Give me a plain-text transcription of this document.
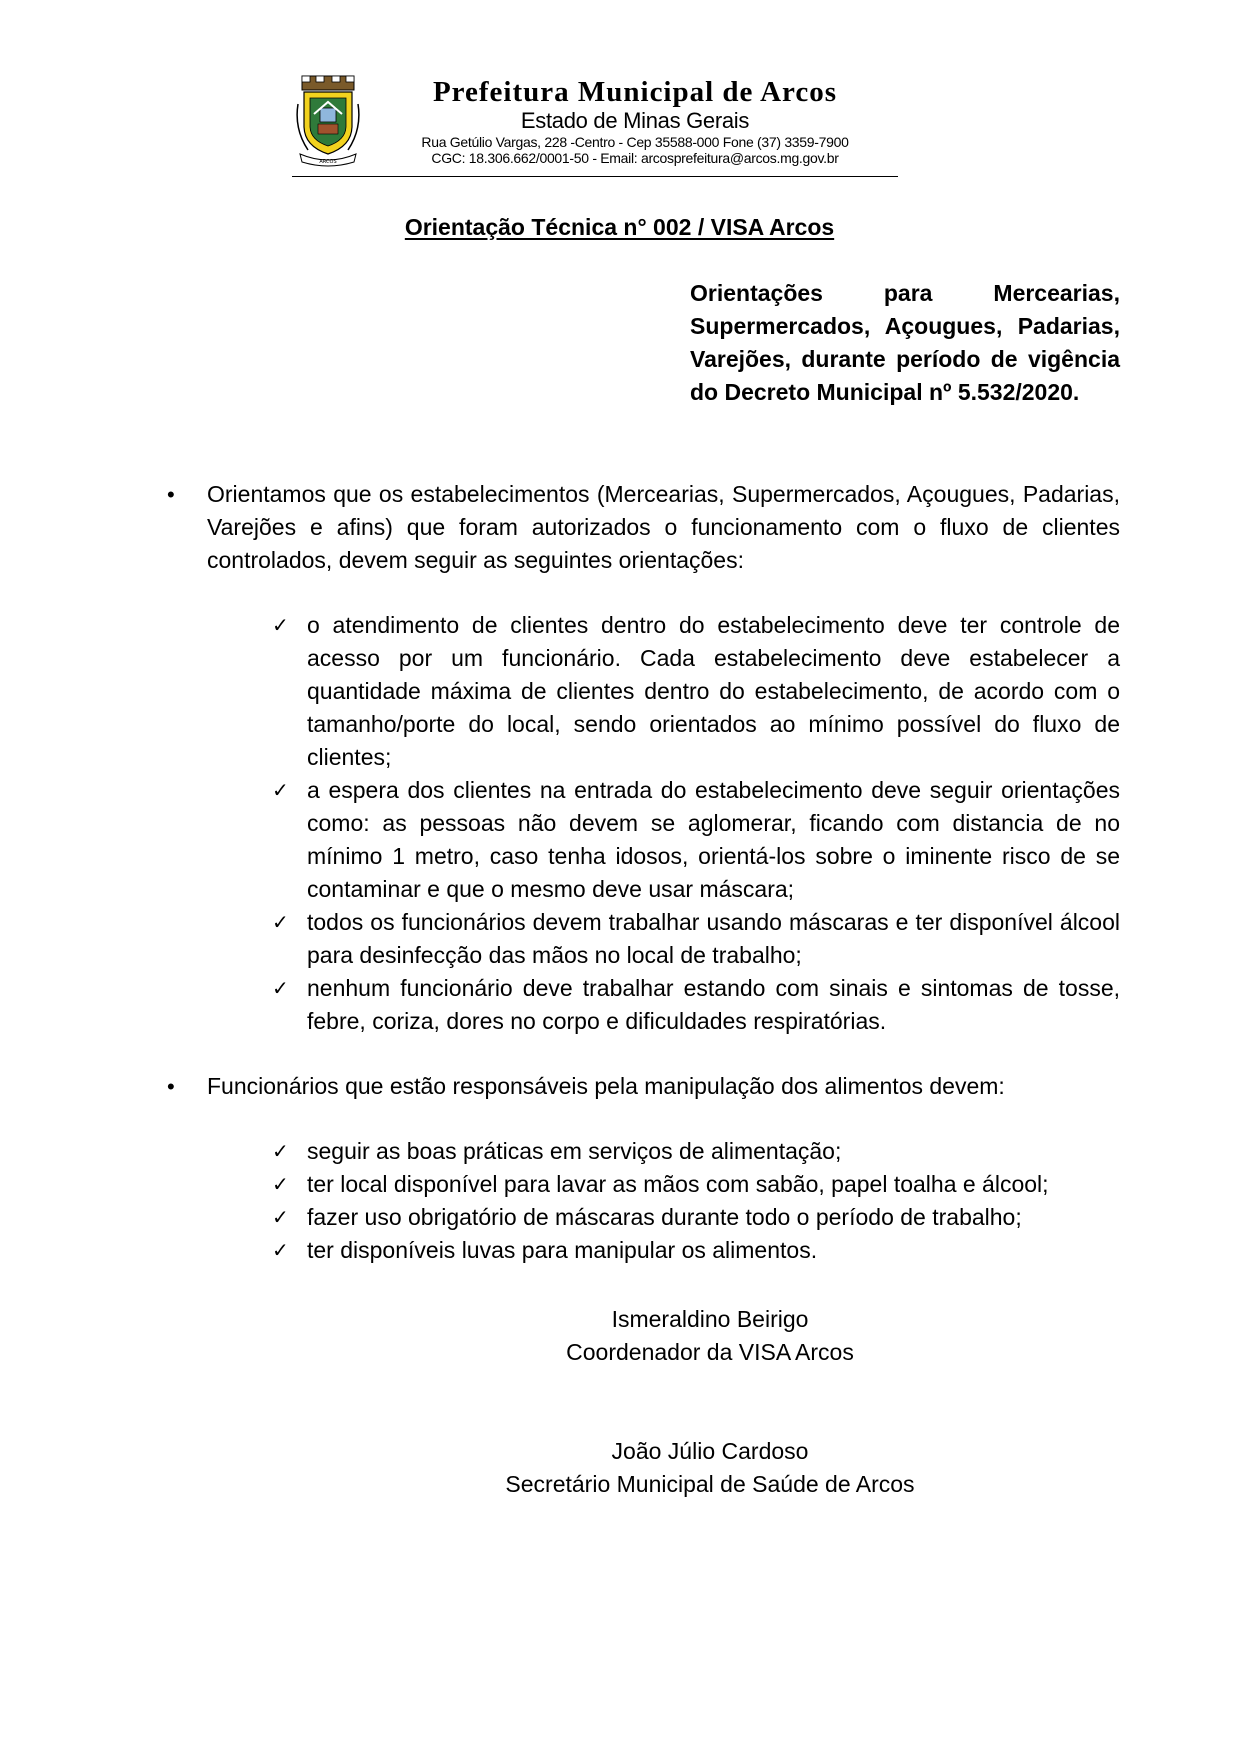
ARCOS
Prefeitura Municipal de Arcos
Estado de Minas Gerais
Rua Getúlio Vargas, 228 -Centro - Cep 35588-000 Fone (37) 3359-7900
CGC: 18.306.662/0001-50 - Email: arcosprefeitura@arcos.mg.gov.br
Orientação Técnica n° 002 / VISA Arcos
Orientações para Mercearias, Supermercados, Açougues, Padarias, Varejões, durante período de vigência do Decreto Municipal nº 5.532/2020.
•	Orientamos que os estabelecimentos (Mercearias, Supermercados, Açougues, Padarias, Varejões e afins) que foram autorizados o funcionamento com o fluxo de clientes controlados, devem seguir as seguintes orientações:
✓ o atendimento de clientes dentro do estabelecimento deve ter controle de acesso por um funcionário. Cada estabelecimento deve estabelecer a quantidade máxima de clientes dentro do estabelecimento, de acordo com o tamanho/porte do local, sendo orientados ao mínimo possível do fluxo de clientes;
✓ a espera dos clientes na entrada do estabelecimento deve seguir orientações como: as pessoas não devem se aglomerar, ficando com distancia de no mínimo 1 metro, caso tenha idosos, orientá-los sobre o iminente risco de se contaminar e que o mesmo deve usar máscara;
✓ todos os funcionários devem trabalhar usando máscaras e ter disponível álcool para desinfecção das mãos no local de trabalho;
✓ nenhum funcionário deve trabalhar estando com sinais e sintomas de tosse, febre, coriza, dores no corpo e dificuldades respiratórias.
•	Funcionários que estão responsáveis pela manipulação dos alimentos devem:
✓ seguir as boas práticas em serviços de alimentação;
✓ ter local disponível para lavar as mãos com sabão, papel toalha e álcool;
✓ fazer uso obrigatório de máscaras durante todo o período de trabalho;
✓ ter disponíveis luvas para manipular os alimentos.
Ismeraldino Beirigo
Coordenador da VISA Arcos
João Júlio Cardoso
Secretário Municipal de Saúde de Arcos
